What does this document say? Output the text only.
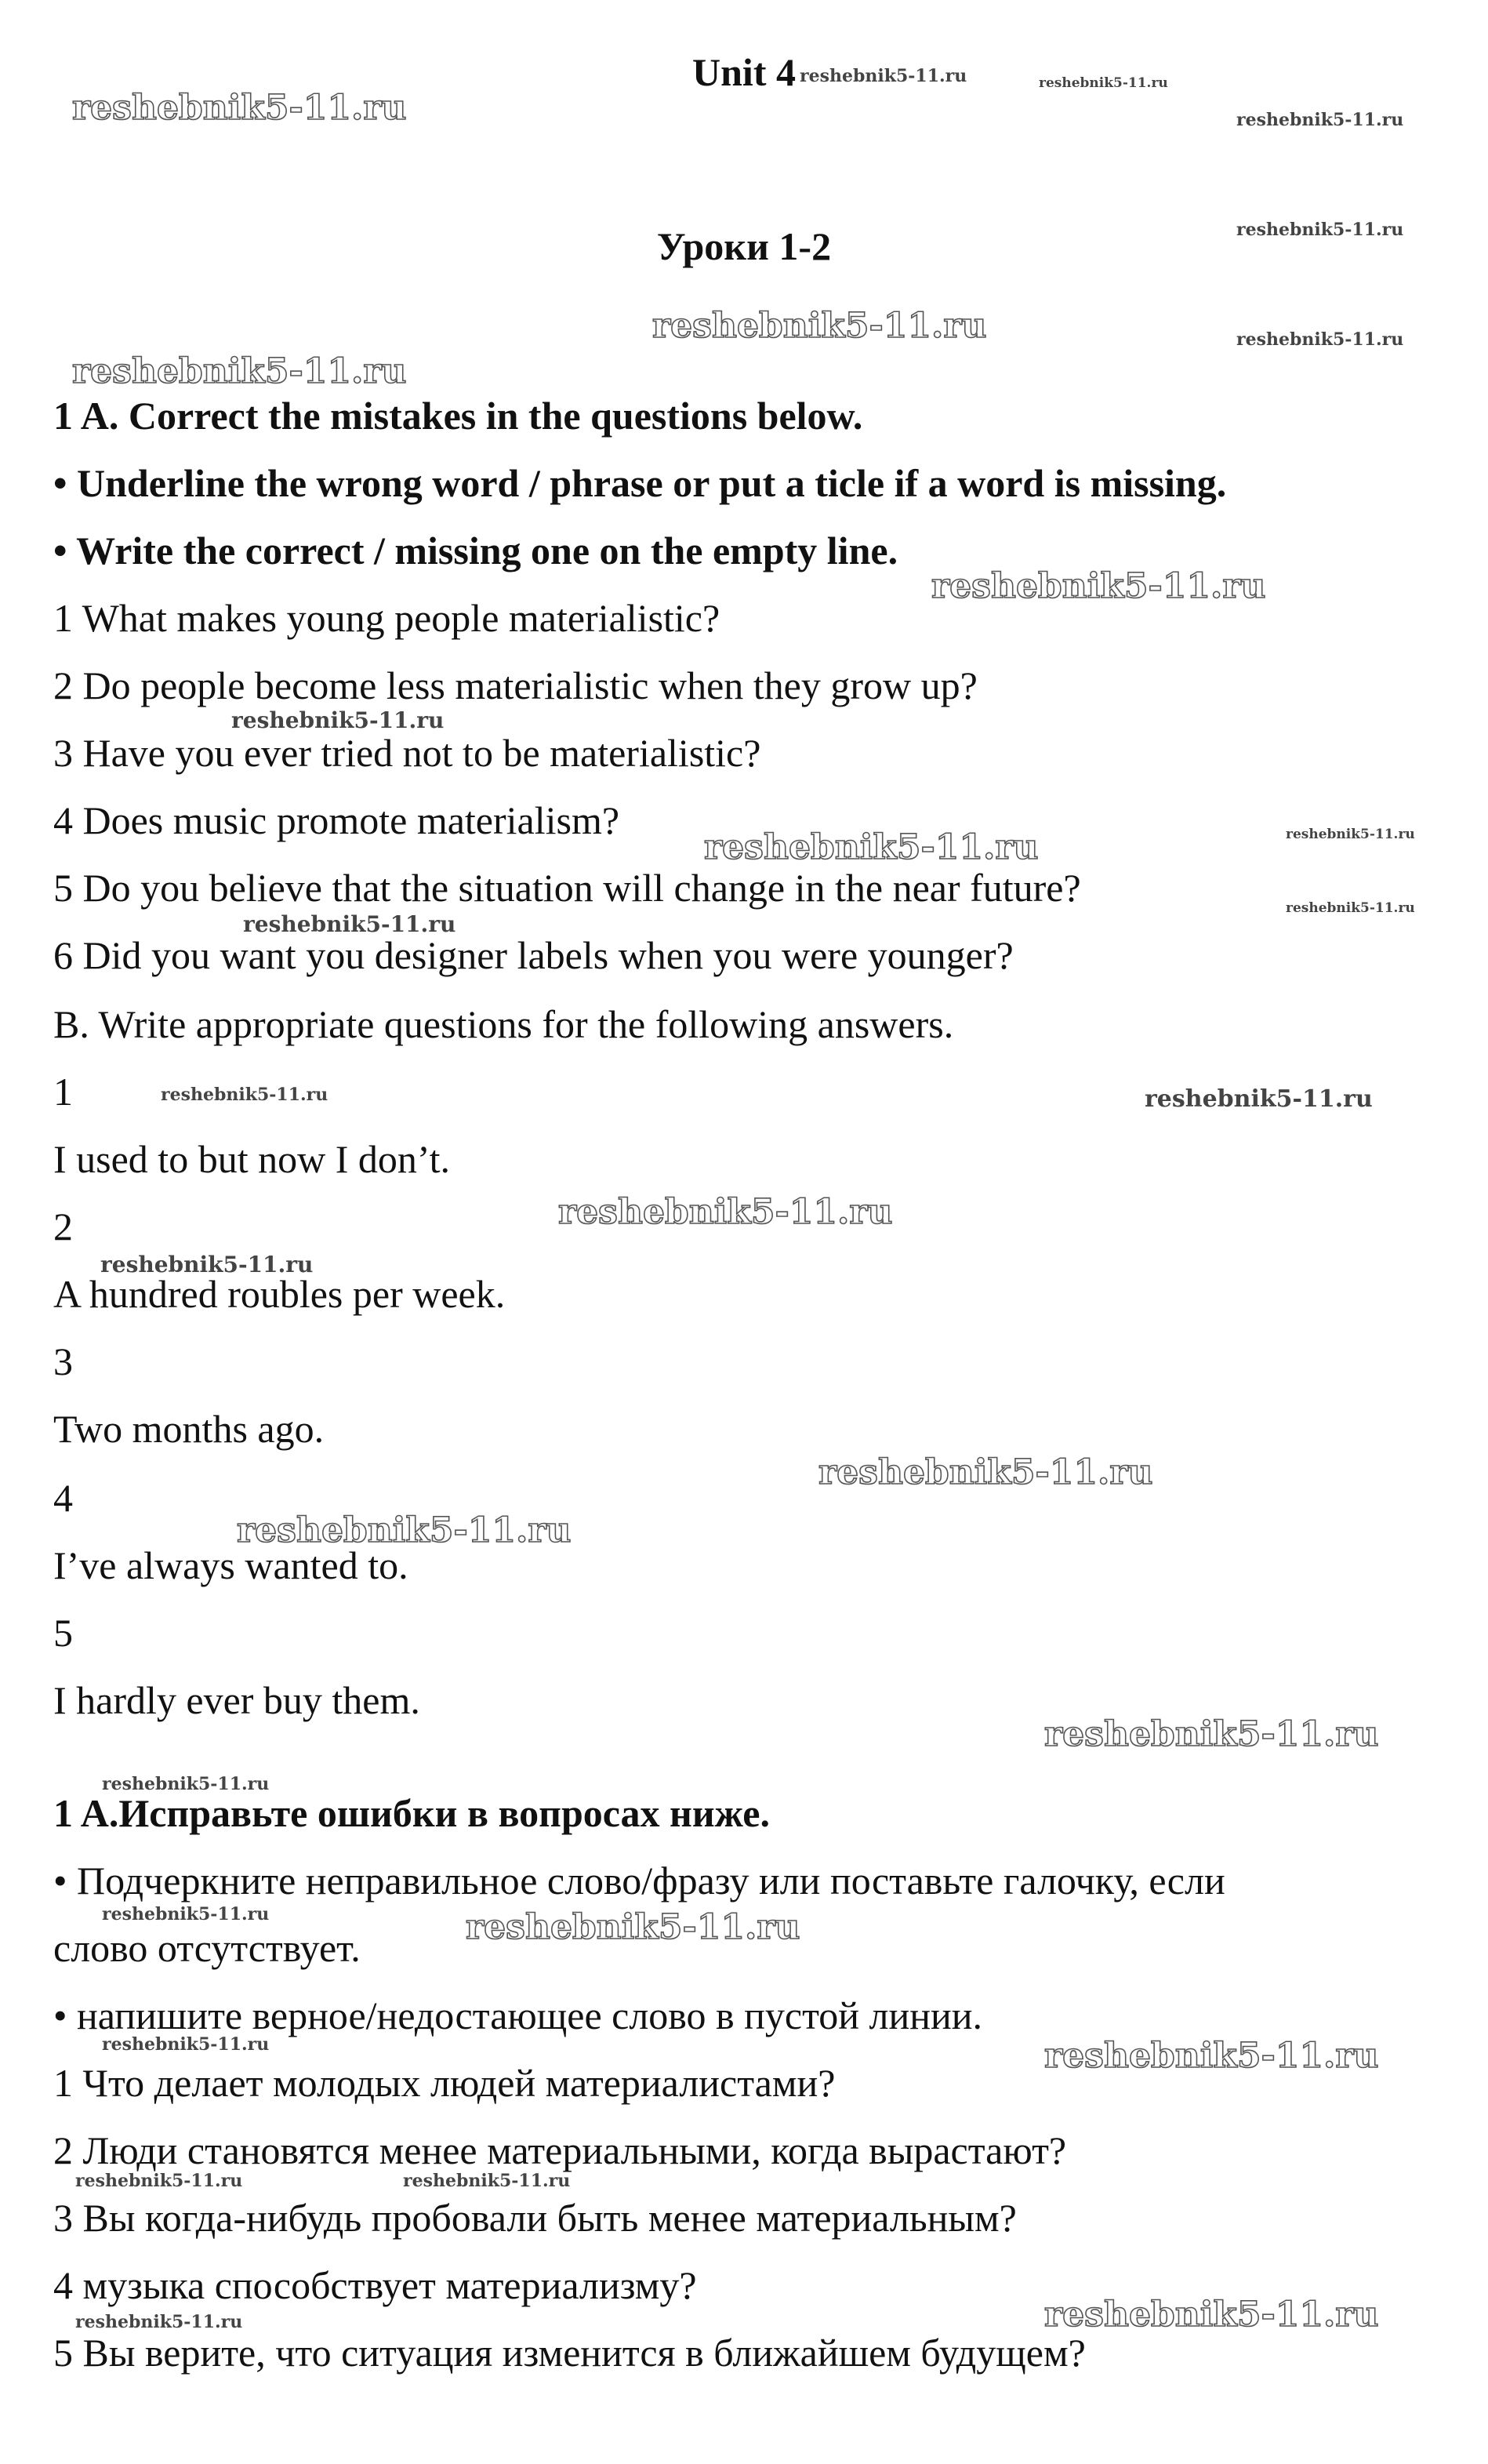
reshebnik5-11.ru
reshebnik5-11.ru	reshebnik5-11.ru
reshebnik5-11.ru
reshebnik5-11.ru
reshebnik5-11.ru
reshebnik5-11.ru
reshebnik5-11.ru
reshebnik5-11.ru
reshebnik5-11.ru
reshebnik5-11.ru	reshebnik5-11.ru
reshebnik5-11.ru
reshebnik5-11.ru
reshebnik5-11.ru	reshebnik5-11.ru
reshebnik5-11.ru
reshebnik5-11.ru
reshebnik5-11.ru
reshebnik5-11.ru
reshebnik5-11.ru
reshebnik5-11.ru
reshebnik5-11.ru	reshebnik5-11.ru
reshebnik5-11.ru	reshebnik5-11.ru
reshebnik5-11.ru	reshebnik5-11.ru
reshebnik5-11.ru	reshebnik5-11.ru
Unit 4
Уроки 1-2
1 A. Correct the mistakes in the questions below.
• Underline the wrong word / phrase or put a ticle if a word is missing.
• Write the correct / missing one on the empty line.
1 What makes young people materialistic?
2 Do people become less materialistic when they grow up?
3 Have you ever tried not to be materialistic?
4 Does music promote materialism?
5 Do you believe that the situation will change in the near future?
6 Did you want you designer labels when you were younger?
B. Write appropriate questions for the following answers.
1
I used to but now I don’t.
2
A hundred roubles per week.
3
Two months ago.
4
I’ve always wanted to.
5
I hardly ever buy them.
1 A.Исправьте ошибки в вопросах ниже.
• Подчеркните неправильное слово/фразу или поставьте галочку, если
слово отсутствует.
• напишите верное/недостающее слово в пустой линии.
1 Что делает молодых людей материалистами?
2 Люди становятся менее материальными, когда вырастают?
3 Вы когда-нибудь пробовали быть менее материальным?
4 музыка способствует материализму?
5 Вы верите, что ситуация изменится в ближайшем будущем?
